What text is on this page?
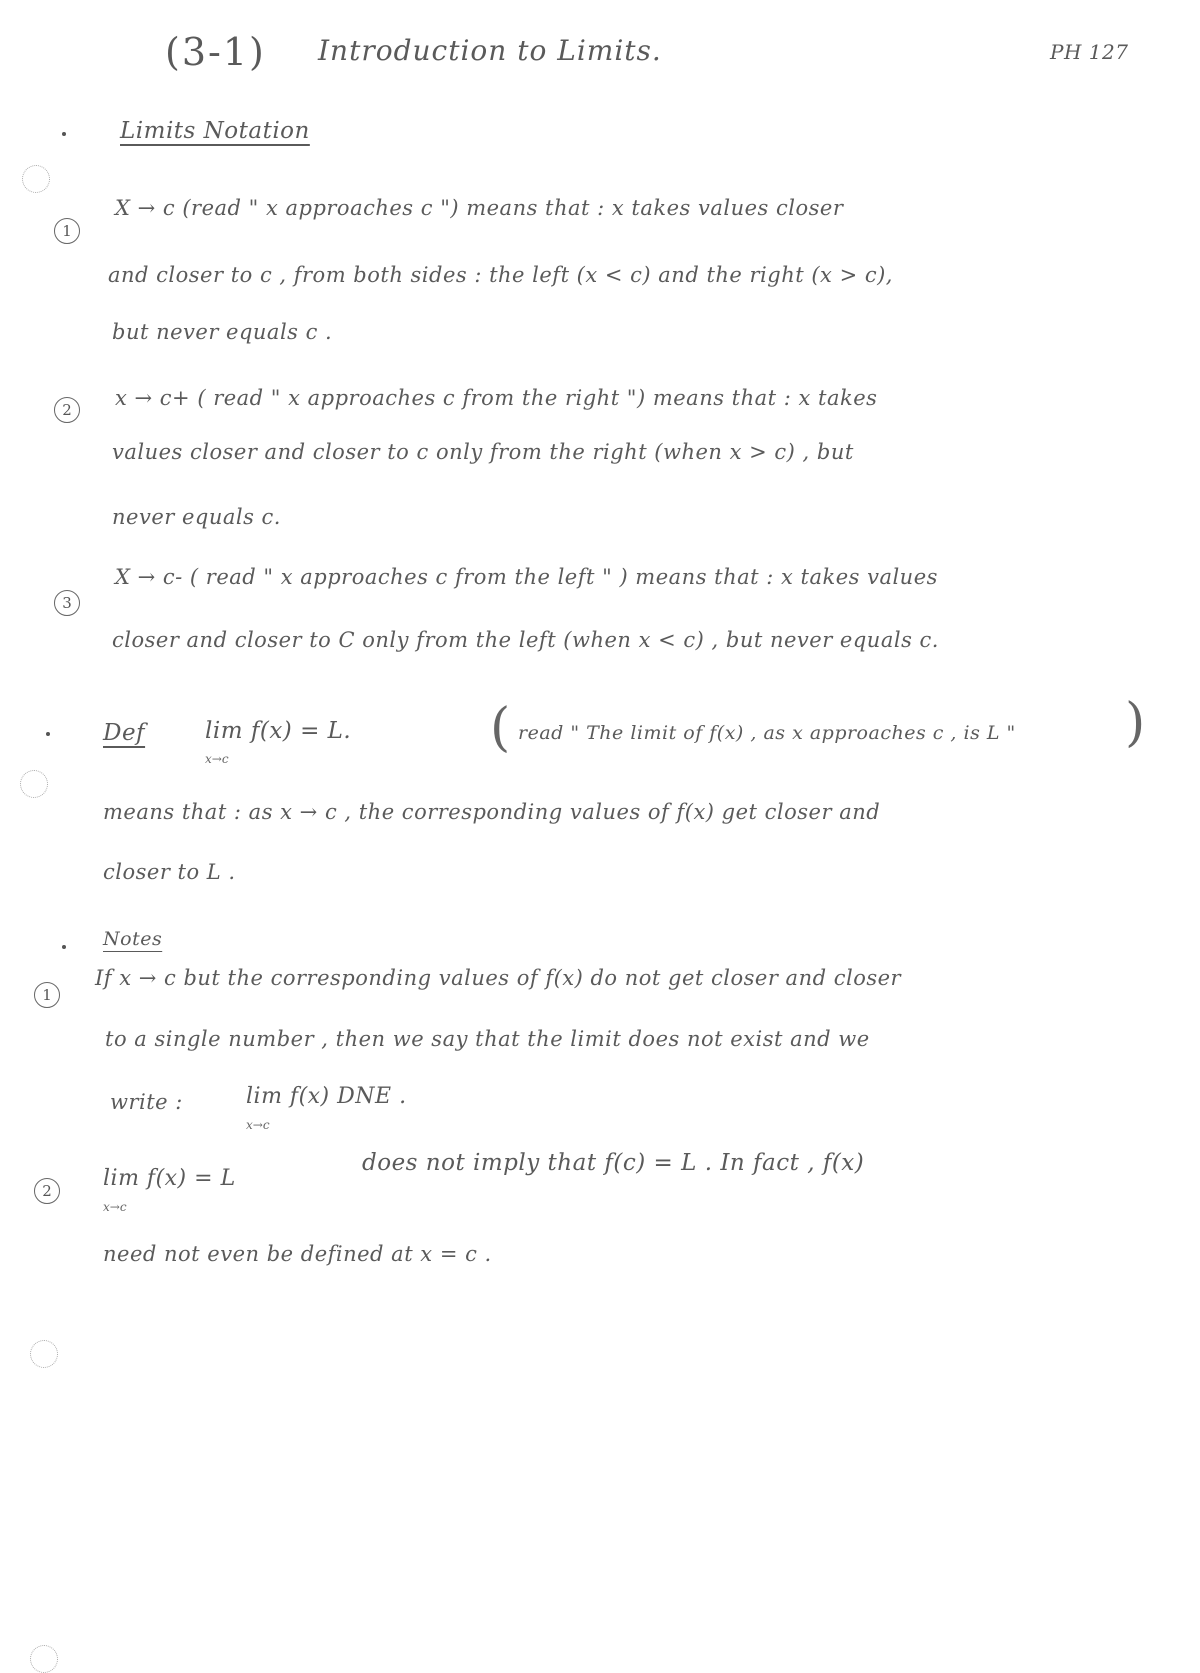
(3-1) Introduction to Limits.	PH 127
Limits Notation
1
X → c (read " x approaches c ") means that : x takes values closer
and closer to c , from both sides : the left (x < c) and the right (x > c),
but never equals c .
2	x → c+ ( read " x approaches c from the right ") means that : x takes
values closer and closer to c only from the right (when x > c) , but
never equals c.
3
X → c- ( read " x approaches c from the left " ) means that : x takes values
closer and closer to C only from the left (when x < c) , but never equals c.
Def	lim f(x) = L.
x→c
( read " The limit of f(x) , as x approaches c , is L " )
means that : as x → c , the corresponding values of f(x) get closer and
closer to L .
Notes
1
If x → c but the corresponding values of f(x) do not get closer and closer
to a single number , then we say that the limit does not exist and we
write :	lim f(x) DNE .
x→c
2	lim f(x) = L
x→c
does not imply that f(c) = L . In fact , f(x)
need not even be defined at x = c .
